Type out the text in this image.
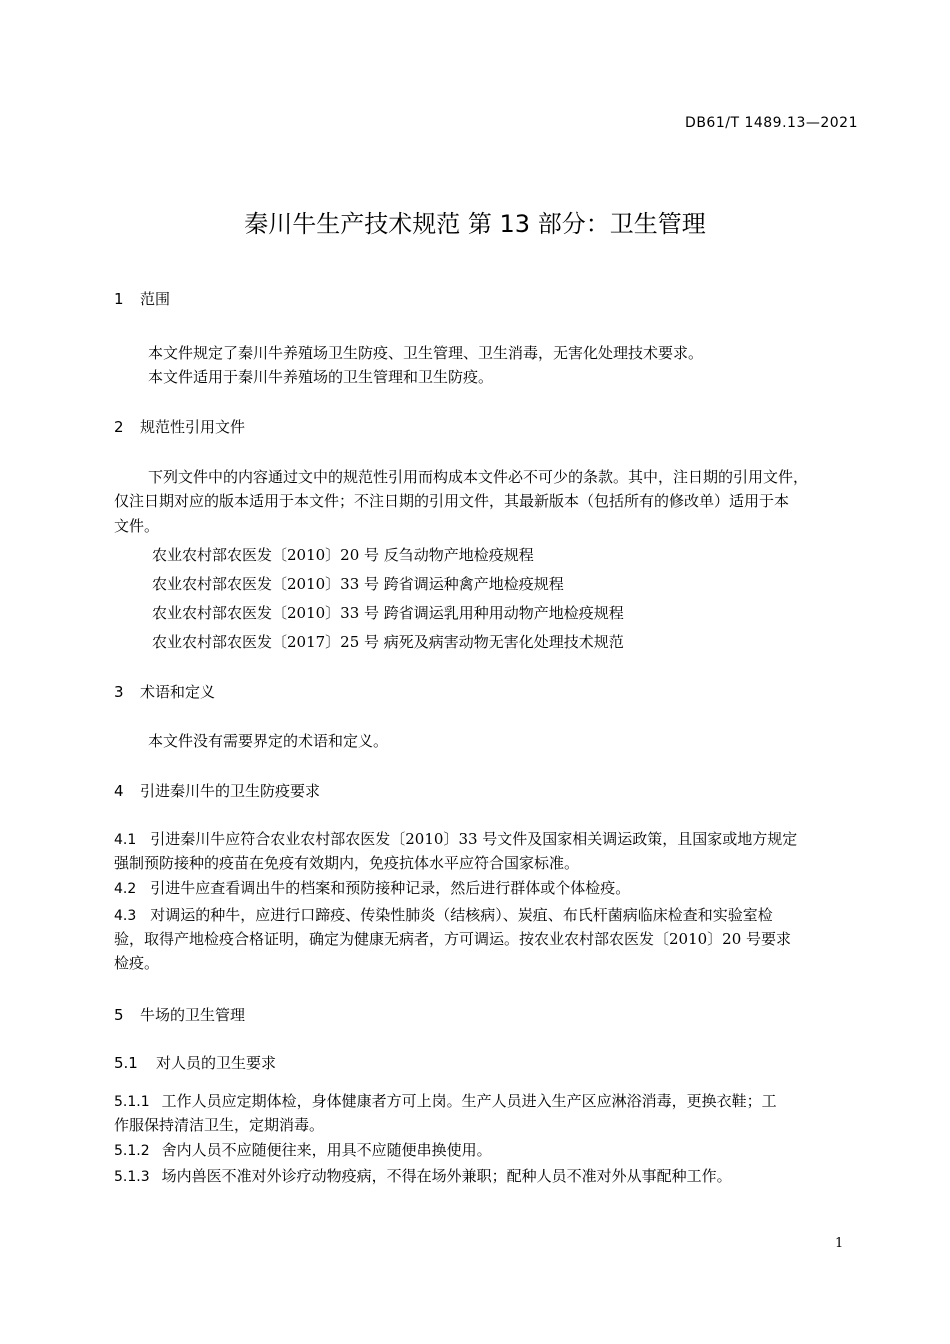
DB61/T 1489.13—2021
秦川牛生产技术规范 第 13 部分：卫生管理
1 范围
本文件规定了秦川牛养殖场卫生防疫、卫生管理、卫生消毒，无害化处理技术要求。
本文件适用于秦川牛养殖场的卫生管理和卫生防疫。
2 规范性引用文件
下列文件中的内容通过文中的规范性引用而构成本文件必不可少的条款。其中，注日期的引用文件，
仅注日期对应的版本适用于本文件；不注日期的引用文件，其最新版本（包括所有的修改单）适用于本
文件。
农业农村部农医发〔2010〕20 号 反刍动物产地检疫规程
农业农村部农医发〔2010〕33 号 跨省调运种禽产地检疫规程
农业农村部农医发〔2010〕33 号 跨省调运乳用种用动物产地检疫规程
农业农村部农医发〔2017〕25 号 病死及病害动物无害化处理技术规范
3 术语和定义
本文件没有需要界定的术语和定义。
4 引进秦川牛的卫生防疫要求
4.1 引进秦川牛应符合农业农村部农医发〔2010〕33 号文件及国家相关调运政策，且国家或地方规定
强制预防接种的疫苗在免疫有效期内，免疫抗体水平应符合国家标准。
4.2 引进牛应查看调出牛的档案和预防接种记录，然后进行群体或个体检疫。
4.3 对调运的种牛，应进行口蹄疫、传染性肺炎（结核病）、炭疽、布氏杆菌病临床检查和实验室检
验，取得产地检疫合格证明，确定为健康无病者，方可调运。按农业农村部农医发〔2010〕20 号要求
检疫。
5 牛场的卫生管理
5.1 对人员的卫生要求
5.1.1 工作人员应定期体检，身体健康者方可上岗。生产人员进入生产区应淋浴消毒，更换衣鞋；工
作服保持清洁卫生，定期消毒。
5.1.2 舍内人员不应随便往来，用具不应随便串换使用。
5.1.3 场内兽医不准对外诊疗动物疫病，不得在场外兼职；配种人员不准对外从事配种工作。
1
